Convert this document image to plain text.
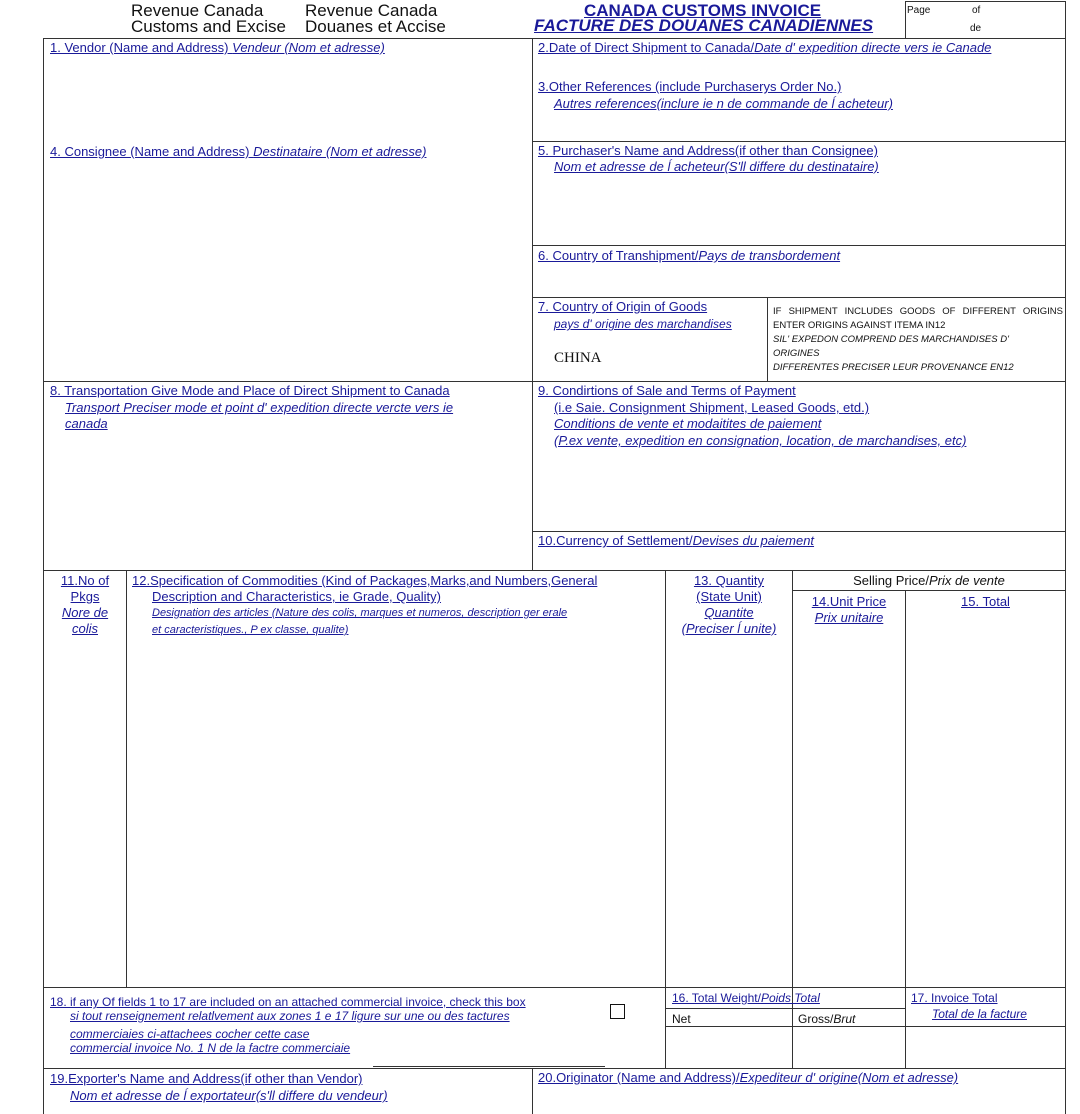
Revenue Canada
Customs and Excise
Revenue Canada
Douanes et Accise
CANADA CUSTOMS INVOICE
FACTURE DES DOUANES CANADIENNES
Page	of
de
1. Vendor (Name and Address) Vendeur (Nom et adresse)	2.Date of Direct Shipment to Canada/Date d' expedition directe vers ie Canade
3.Other References (include Purchaserys Order No.)
Autres references(inclure ie n de commande de ĺ acheteur)
4. Consignee (Name and Address) Destinataire (Nom et adresse)	5. Purchaser's Name and Address(if other than Consignee)
Nom et adresse de ĺ acheteur(S'll differe du destinataire)
6. Country of Transhipment/Pays de transbordement
7. Country of Origin of Goods
pays d' origine des marchandises
CHINA
IF SHIPMENT INCLUDES GOODS OF DIFFERENT ORIGINS
ENTER ORIGINS AGAINST ITEMA IN12
SIL' EXPEDON COMPREND DES MARCHANDISES D'
ORIGINES
DIFFERENTES PRECISER LEUR PROVENANCE EN12
8. Transportation Give Mode and Place of Direct Shipment to Canada
Transport Preciser mode et point d' expedition directe vercte vers ie
canada
9. Condirtions of Sale and Terms of Payment
(i.e Saie. Consignment Shipment, Leased Goods, etd.)
Conditions de vente et modaitites de paiement
(P.ex vente, expedition en consignation, location, de marchandises, etc)
10.Currency of Settlement/Devises du paiement
11.No of
Pkgs
Nore de
colis
12.Specification of Commodities (Kind of Packages,Marks,and Numbers,General
Description and Characteristics, ie Grade, Quality)
Designation des articles (Nature des colis, marques et numeros, description ger erale
et caracteristiques., P ex classe, qualite)
13. Quantity
(State Unit)
Quantite
(Preciser ĺ unite)
Selling Price/Prix de vente
14.Unit Price
Prix unitaire
15. Total
16. Total Weight/Poids Total
Net	Gross/Brut
17. Invoice Total
Total de la facture
18. if any Of fields 1 to 17 are included on an attached commercial invoice, check this box
si tout renseignement relatlvement aux zones 1 e 17 ligure sur une ou des tactures
commerciaies ci-attachees cocher cette case
commercial invoice No. 1 N de la factre commerciaie
19.Exporter's Name and Address(if other than Vendor)
Nom et adresse de ĺ exportateur(s'll differe du vendeur)
20.Originator (Name and Address)/Expediteur d' origine(Nom et adresse)
